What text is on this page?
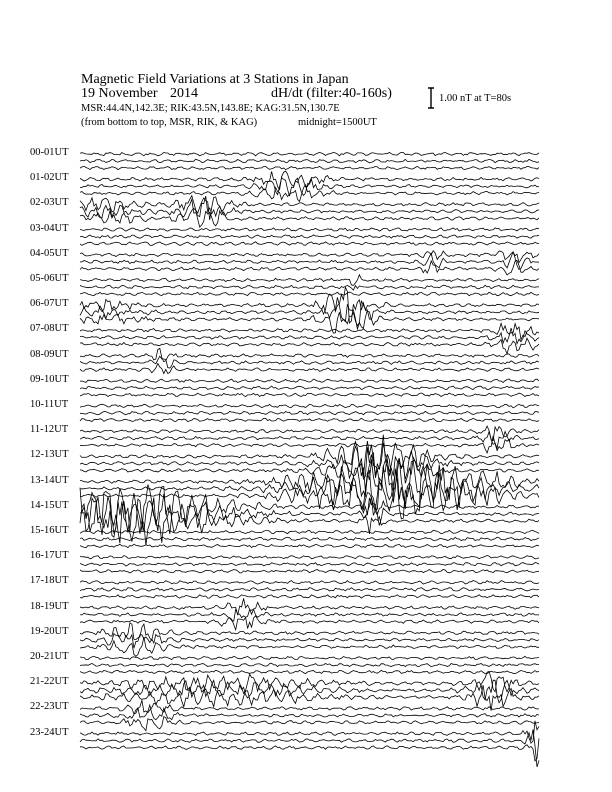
Magnetic Field Variations at 3 Stations in Japan
19 November 2014	dH/dt (filter:40-160s)
MSR:44.4N,142.3E; RIK:43.5N,143.8E; KAG:31.5N,130.7E
(from bottom to top, MSR, RIK, & KAG)	midnight=1500UT
1.00 nT at T=80s
00-01UT
01-02UT
02-03UT
03-04UT
04-05UT
05-06UT
06-07UT
07-08UT
08-09UT
09-10UT
10-11UT
11-12UT
12-13UT
13-14UT
14-15UT
15-16UT
16-17UT
17-18UT
18-19UT
19-20UT
20-21UT
21-22UT
22-23UT
23-24UT
